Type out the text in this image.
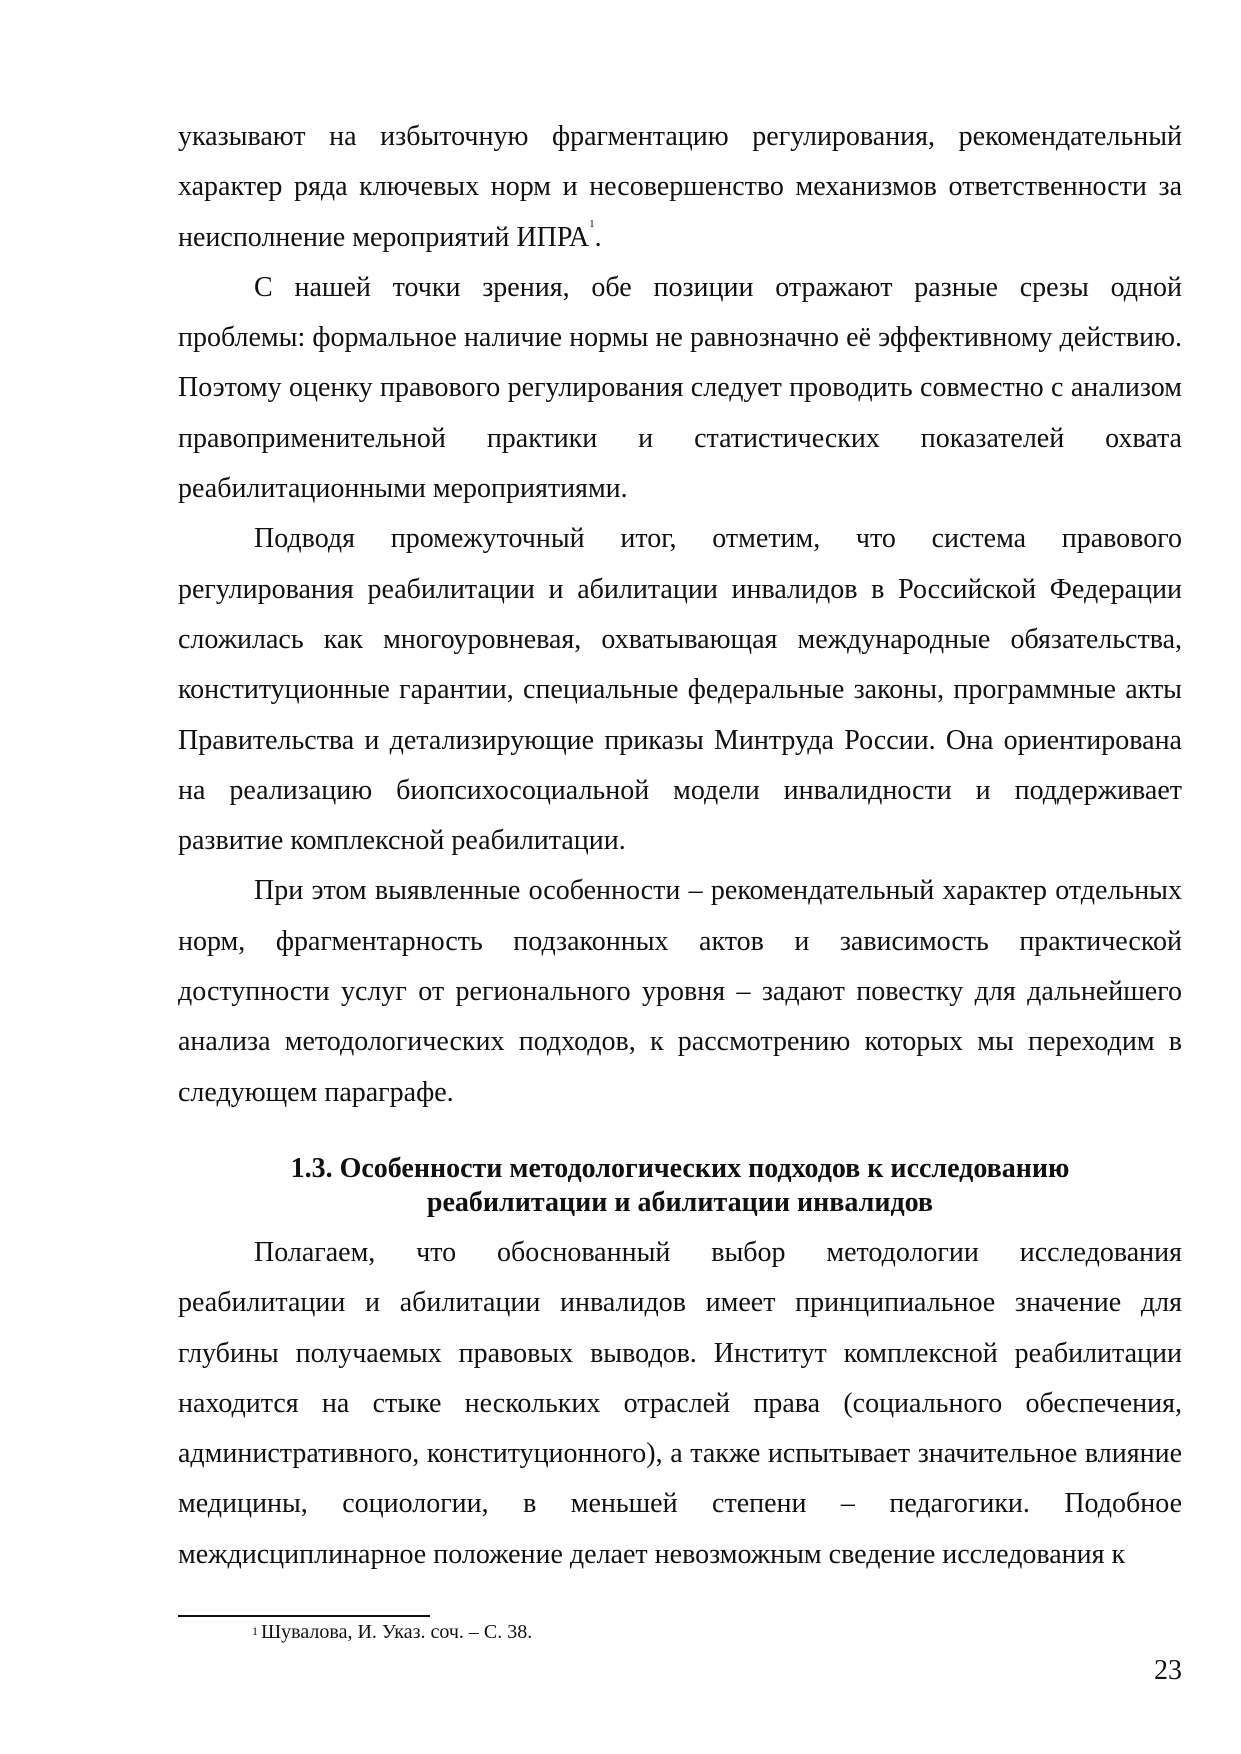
указывают на избыточную фрагментацию регулирования, рекомендательный характер ряда ключевых норм и несовершенство механизмов ответственности за неисполнение мероприятий ИПРА$^1$.

С нашей точки зрения, обе позиции отражают разные срезы одной проблемы: формальное наличие нормы не равнозначно её эффективному действию. Поэтому оценку правового регулирования следует проводить совместно с анализом правоприменительной практики и статистических показателей охвата реабилитационными мероприятиями.

Подводя промежуточный итог, отметим, что система правового регулирования реабилитации и абилитации инвалидов в Российской Федерации сложилась как многоуровневая, охватывающая международные обязательства, конституционные гарантии, специальные федеральные законы, программные акты Правительства и детализирующие приказы Минтруда России. Она ориентирована на реализацию биопсихосоциальной модели инвалидности и поддерживает развитие комплексной реабилитации.

При этом выявленные особенности – рекомендательный характер отдельных норм, фрагментарность подзаконных актов и зависимость практической доступности услуг от регионального уровня – задают повестку для дальнейшего анализа методологических подходов, к рассмотрению которых мы переходим в следующем параграфе.

1.3. Особенности методологических подходов к исследованию
реабилитации и абилитации инвалидов

Полагаем, что обоснованный выбор методологии исследования реабилитации и абилитации инвалидов имеет принципиальное значение для глубины получаемых правовых выводов. Институт комплексной реабилитации находится на стыке нескольких отраслей права (социального обеспечения, административного, конституционного), а также испытывает значительное влияние медицины, социологии, в меньшей степени – педагогики. Подобное междисциплинарное положение делает невозможным сведение исследования к

$^1$ Шувалова, И. Указ. соч. – С. 38.
23
